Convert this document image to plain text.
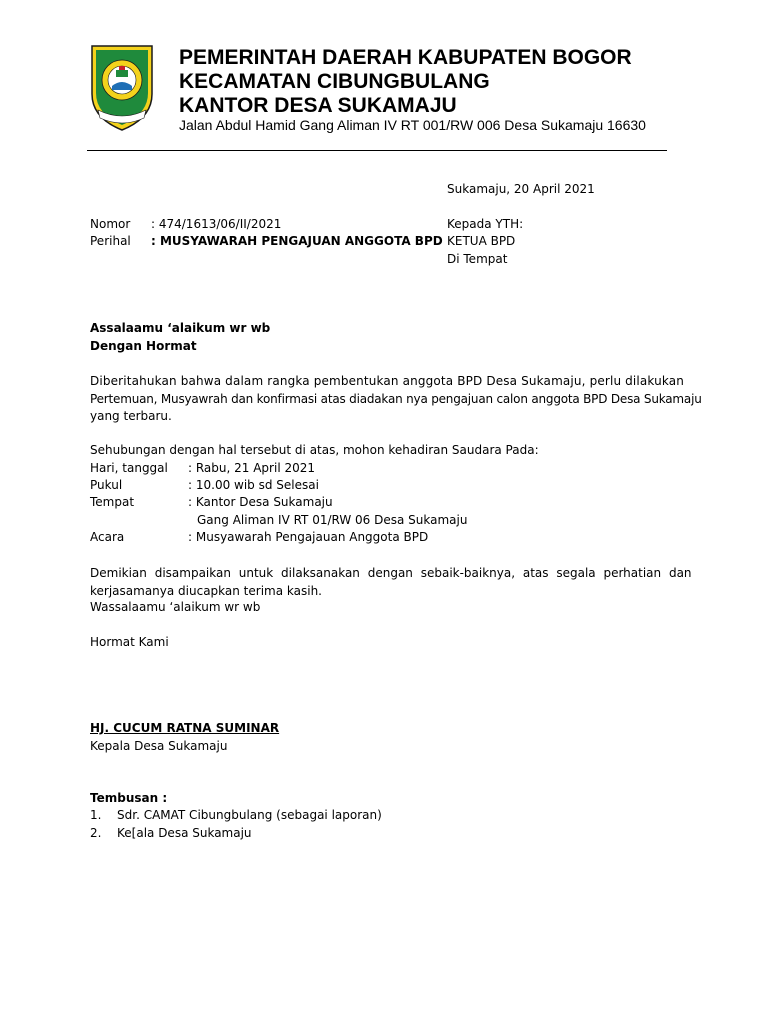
PEMERINTAH DAERAH KABUPATEN BOGOR
KECAMATAN CIBUNGBULANG
KANTOR DESA SUKAMAJU
Jalan Abdul Hamid Gang Aliman IV RT 001/RW 006 Desa Sukamaju 16630
Sukamaju, 20 April 2021
Nomor : 474/1613/06/II/2021
Perihal : MUSYAWARAH PENGAJUAN ANGGOTA BPD
Kepada YTH:
KETUA BPD
Di Tempat
Assalaamu ‘alaikum wr wb
Dengan Hormat
Diberitahukan bahwa dalam rangka pembentukan anggota BPD Desa Sukamaju, perlu dilakukan
Pertemuan, Musyawrah dan konfirmasi atas diadakan nya pengajuan calon anggota BPD Desa Sukamaju
yang terbaru.
Sehubungan dengan hal tersebut di atas, mohon kehadiran Saudara Pada:
Hari, tanggal : Rabu, 21 April 2021
Pukul	: 10.00 wib sd Selesai
Tempat	: Kantor Desa Sukamaju
Gang Aliman IV RT 01/RW 06 Desa Sukamaju
Acara	: Musyawarah Pengajauan Anggota BPD
Demikian disampaikan untuk dilaksanakan dengan sebaik-baiknya, atas segala perhatian dan
kerjasamanya diucapkan terima kasih.
Wassalaamu ‘alaikum wr wb
Hormat Kami
HJ. CUCUM RATNA SUMINAR
Kepala Desa Sukamaju
Tembusan :
1. Sdr. CAMAT Cibungbulang (sebagai laporan)
2. Ke[ala Desa Sukamaju
